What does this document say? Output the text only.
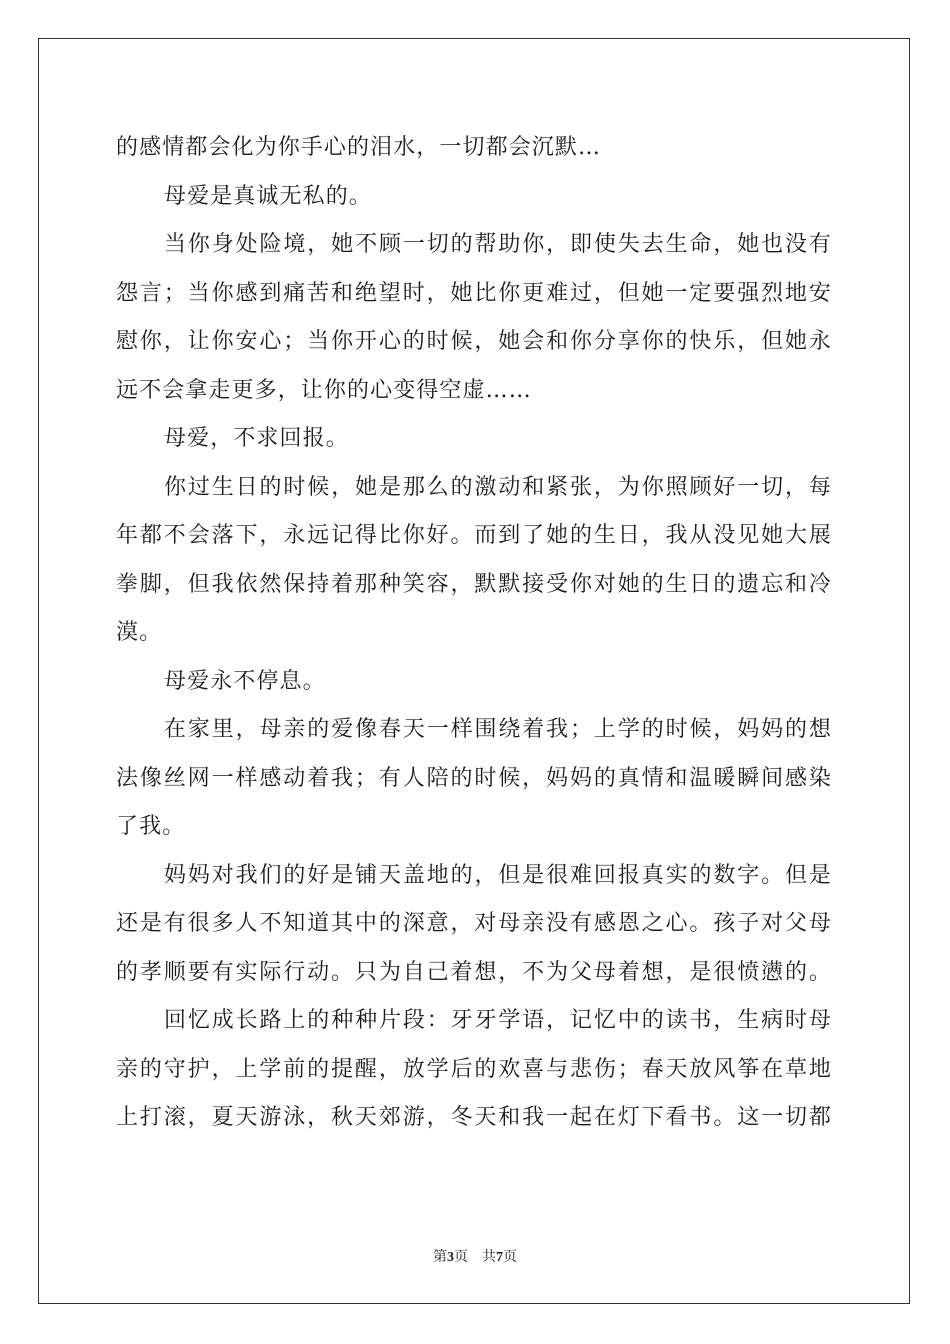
的感情都会化为你手心的泪水，一切都会沉默…
母爱是真诚无私的。
当你身处险境，她不顾一切的帮助你，即使失去生命，她也没有
怨言；当你感到痛苦和绝望时，她比你更难过，但她一定要强烈地安
慰你，让你安心；当你开心的时候，她会和你分享你的快乐，但她永
远不会拿走更多，让你的心变得空虚……
母爱，不求回报。
你过生日的时候，她是那么的激动和紧张，为你照顾好一切，每
年都不会落下，永远记得比你好。而到了她的生日，我从没见她大展
拳脚，但我依然保持着那种笑容，默默接受你对她的生日的遗忘和冷
漠。
母爱永不停息。
在家里，母亲的爱像春天一样围绕着我；上学的时候，妈妈的想
法像丝网一样感动着我；有人陪的时候，妈妈的真情和温暖瞬间感染
了我。
妈妈对我们的好是铺天盖地的，但是很难回报真实的数字。但是
还是有很多人不知道其中的深意，对母亲没有感恩之心。孩子对父母
的孝顺要有实际行动。只为自己着想，不为父母着想，是很愤懑的。
回忆成长路上的种种片段：牙牙学语，记忆中的读书，生病时母
亲的守护，上学前的提醒，放学后的欢喜与悲伤；春天放风筝在草地
上打滚，夏天游泳，秋天郊游，冬天和我一起在灯下看书。这一切都
第3页 共7页
